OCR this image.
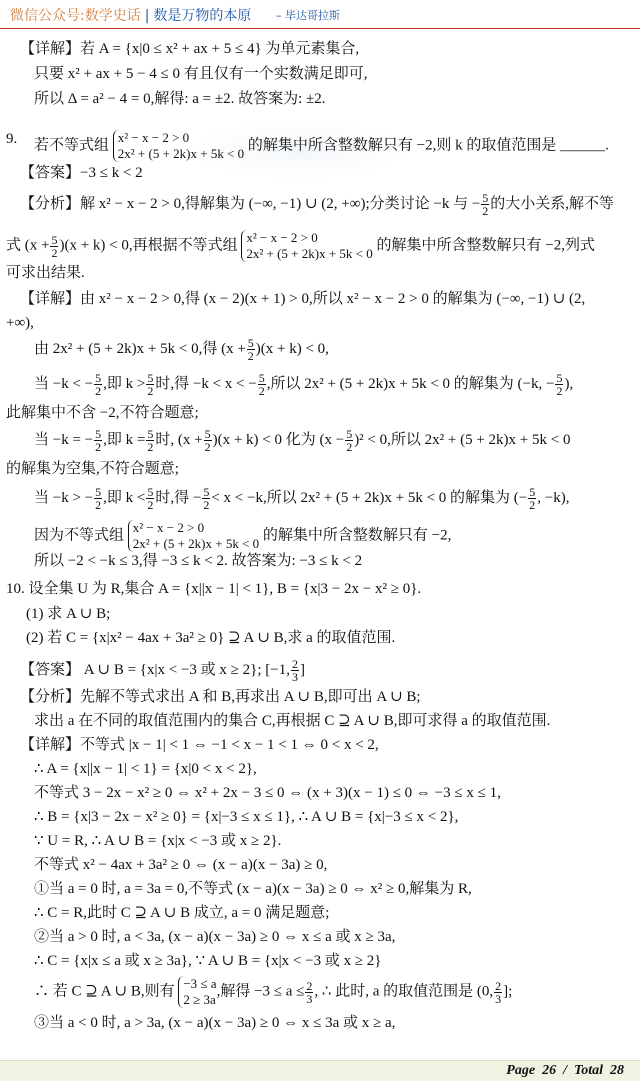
微信公众号:数学史话 | 数是万物的本原 – 毕达哥拉斯
【详解】若 A = {x|0 ≤ x² + ax + 5 ≤ 4} 为单元素集合,
只要 x² + ax + 5 − 4 ≤ 0 有且仅有一个实数满足即可,
所以 Δ = a² − 4 = 0,解得: a = ±2. 故答案为: ±2.
9. 若不等式组 x² − x − 2 > 0
2x² + (5 + 2k)x + 5k < 0
的解集中所含整数解只有 −2,则 k 的取值范围是 ______.
【答案】−3 ≤ k < 2
【分析】解 x² − x − 2 > 0,得解集为 (−∞, −1) ∪ (2, +∞);分类讨论 −k 与 − $\frac{5}{2}$ 的大小关系,解不等
式 $(x + \frac{5}{2} )(x + k) < 0$,再根据不等式组 x² − x − 2 > 0
2x² + (5 + 2k)x + 5k < 0
的解集中所含整数解只有 −2,列式
可求出结果.
【详解】由 x² − x − 2 > 0,得 (x − 2)(x + 1) > 0,所以 x² − x − 2 > 0 的解集为 (−∞, −1) ∪ (2,
+∞),
由 2x² + (5 + 2k)x + 5k < 0,得 $(x + \frac{5}{2} )(x + k) < 0$,
当 −k < − $\frac{5}{2}$ ,即 $k > \frac{5}{2}$ 时,得 −k < x < − $\frac{5}{2}$ ,所以 2x² + (5 + 2k)x + 5k < 0 的解集为 (−k, − $\frac{5}{2}$ ),
此解集中不含 −2,不符合题意;
当 −k = − $\frac{5}{2}$ ,即 $k = \frac{5}{2}$ 时, $(x + \frac{5}{2} )(x + k) < 0$ 化为 $(x - \frac{5}{2} )^2 < 0$,所以 2x² + (5 + 2k)x + 5k < 0
的解集为空集,不符合题意;
当 −k > − $\frac{5}{2}$ ,即 $k < \frac{5}{2}$ 时,得 − $\frac{5}{2} < x < -k$,所以 2x² + (5 + 2k)x + 5k < 0 的解集为 (− $\frac{5}{2}$ , −k),
因为不等式组 x² − x − 2 > 0
2x² + (5 + 2k)x + 5k < 0
的解集中所含整数解只有 −2,
所以 −2 < −k ≤ 3,得 −3 ≤ k < 2. 故答案为: −3 ≤ k < 2
10. 设全集 U 为 R,集合 A = {x||x − 1| < 1}, B = {x|3 − 2x − x² ≥ 0}.
(1) 求 A ∪ B;
(2) 若 C = {x|x² − 4ax + 3a² ≥ 0} ⊇ A ∪ B,求 a 的取值范围.
【答案】 A ∪ B = {x|x < −3 或 x ≥ 2}; [−1, $\frac{2}{3}$ ]
【分析】先解不等式求出 A 和 B,再求出 A ∪ B,即可出 A ∪ B;
求出 a 在不同的取值范围内的集合 C,再根据 C ⊇ A ∪ B,即可求得 a 的取值范围.
【详解】不等式 |x − 1| < 1 ⇔ −1 < x − 1 < 1 ⇔ 0 < x < 2,
∴ A = {x||x − 1| < 1} = {x|0 < x < 2},
不等式 3 − 2x − x² ≥ 0 ⇔ x² + 2x − 3 ≤ 0 ⇔ (x + 3)(x − 1) ≤ 0 ⇔ −3 ≤ x ≤ 1,
∴ B = {x|3 − 2x − x² ≥ 0} = {x|−3 ≤ x ≤ 1}, ∴ A ∪ B = {x|−3 ≤ x < 2},
∵ U = R, ∴ A ∪ B = {x|x < −3 或 x ≥ 2}.
不等式 x² − 4ax + 3a² ≥ 0 ⇔ (x − a)(x − 3a) ≥ 0,
①当 a = 0 时, a = 3a = 0,不等式 (x − a)(x − 3a) ≥ 0 ⇔ x² ≥ 0,解集为 R,
∴ C = R,此时 C ⊇ A ∪ B 成立, a = 0 满足题意;
②当 a > 0 时, a < 3a, (x − a)(x − 3a) ≥ 0 ⇔ x ≤ a 或 x ≥ 3a,
∴ C = {x|x ≤ a 或 x ≥ 3a}, ∵ A ∪ B = {x|x < −3 或 x ≥ 2}
∴ 若 C ⊇ A ∪ B,则有 −3 ≤ a
2 ≥ 3a
,解得 $-3 \le a \le \frac{2}{3}$ , ∴ 此时, a 的取值范围是 (0, $\frac{2}{3}$ ];
③当 a < 0 时, a > 3a, (x − a)(x − 3a) ≥ 0 ⇔ x ≤ 3a 或 x ≥ a,
Page 26 / Total 28
